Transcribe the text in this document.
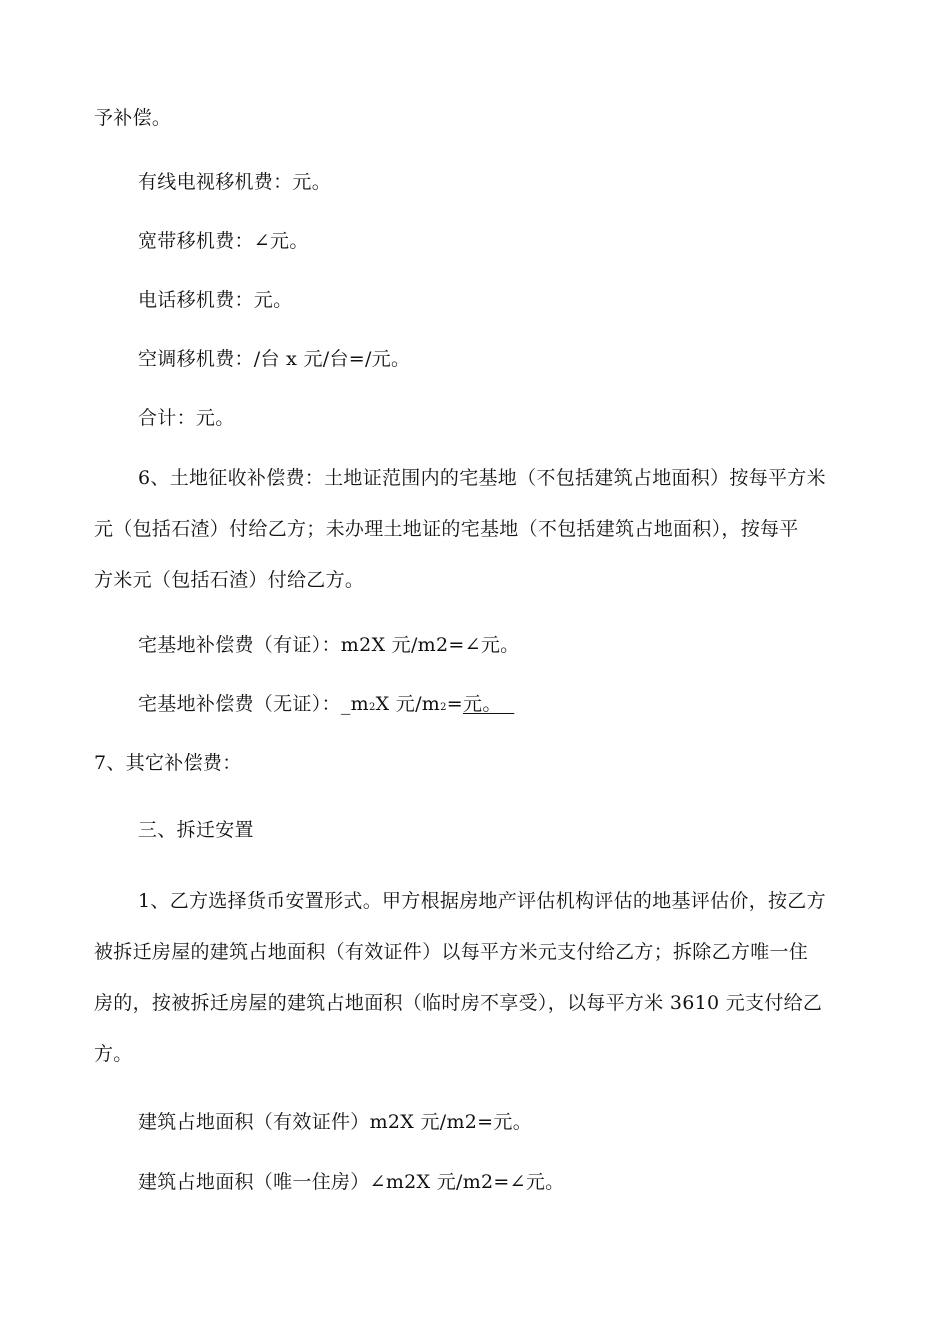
予补偿。
有线电视移机费：元。
宽带移机费：∠元。
电话移机费：元。
空调移机费：/台 x 元/台=/元。
合计：元。
6、土地征收补偿费：土地证范围内的宅基地（不包括建筑占地面积）按每平方米
元（包括石渣）付给乙方；未办理土地证的宅基地（不包括建筑占地面积），按每平
方米元（包括石渣）付给乙方。
宅基地补偿费（有证）：m2X 元/m2=∠元。
宅基地补偿费（无证）：_m2X 元/m2=元。
7、其它补偿费：
三、拆迁安置
1、乙方选择货币安置形式。甲方根据房地产评估机构评估的地基评估价，按乙方
被拆迁房屋的建筑占地面积（有效证件）以每平方米元支付给乙方；拆除乙方唯一住
房的，按被拆迁房屋的建筑占地面积（临时房不享受），以每平方米 3610 元支付给乙
方。
建筑占地面积（有效证件）m2X 元/m2=元。
建筑占地面积（唯一住房）∠m2X 元/m2=∠元。
